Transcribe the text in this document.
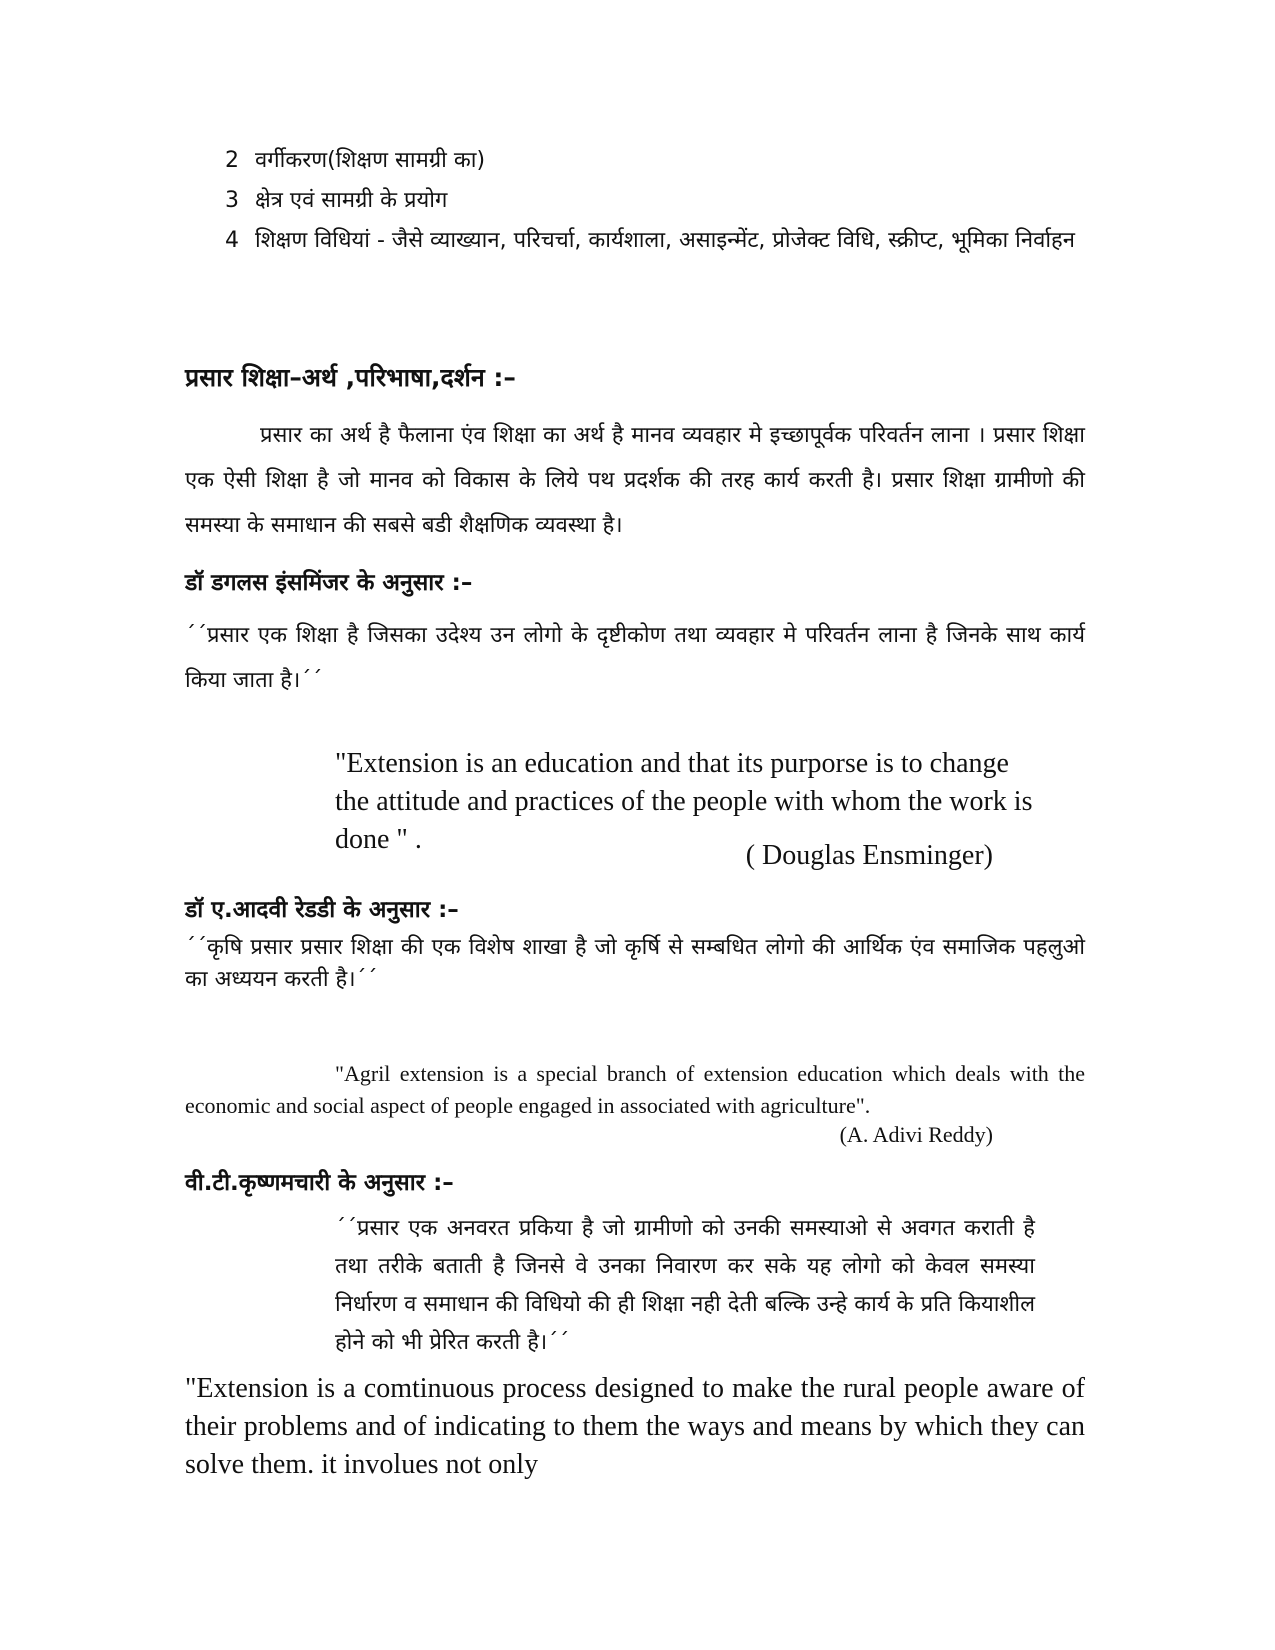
2 वर्गीकरण(शिक्षण सामग्री का)
3 क्षेत्र एवं सामग्री के प्रयोग
4 शिक्षण विधियां - जैसे व्याख्यान, परिचर्चा, कार्यशाला, असाइन्मेंट, प्रोजेक्ट विधि, स्क्रीप्ट, भूमिका निर्वाहन
प्रसार शिक्षा–अर्थ ,परिभाषा,दर्शन :–
प्रसार का अर्थ है फैलाना एंव शिक्षा का अर्थ है मानव व्यवहार मे इच्छापूर्वक परिवर्तन लाना । प्रसार शिक्षा एक ऐसी शिक्षा है जो मानव को विकास के लिये पथ प्रदर्शक की तरह कार्य करती है। प्रसार शिक्षा ग्रामीणो की समस्या के समाधान की सबसे बडी शैक्षणिक व्यवस्था है।
डॉ डगलस इंसमिंजर के अनुसार :–
´´प्रसार एक शिक्षा है जिसका उदेश्य उन लोगो के दृष्टीकोण तथा व्यवहार मे परिवर्तन लाना है जिनके साथ कार्य किया जाता है।´´
"Extension is an education and that its purporse is to change the attitude and practices of the people with whom the work is done " .
( Douglas Ensminger)
डॉ ए.आदवी रेडडी के अनुसार :–
´´कृषि प्रसार प्रसार शिक्षा की एक विशेष शाखा है जो कृर्षि से सम्बधित लोगो की आर्थिक एंव समाजिक पहलुओ का अध्ययन करती है।´´
"Agril extension is a special branch of extension education which deals with the economic and social aspect of people engaged in associated with agriculture".
(A. Adivi Reddy)
वी.टी.कृष्णमचारी के अनुसार :–
´´प्रसार एक अनवरत प्रकिया है जो ग्रामीणो को उनकी समस्याओ से अवगत कराती है तथा तरीके बताती है जिनसे वे उनका निवारण कर सके यह लोगो को केवल समस्या निर्धारण व समाधान की विधियो की ही शिक्षा नही देती बल्कि उन्हे कार्य के प्रति कियाशील होने को भी प्रेरित करती है।´´
"Extension is a comtinuous process designed to make the rural people aware of their problems and of indicating to them the ways and means by which they can solve them. it involues not only
